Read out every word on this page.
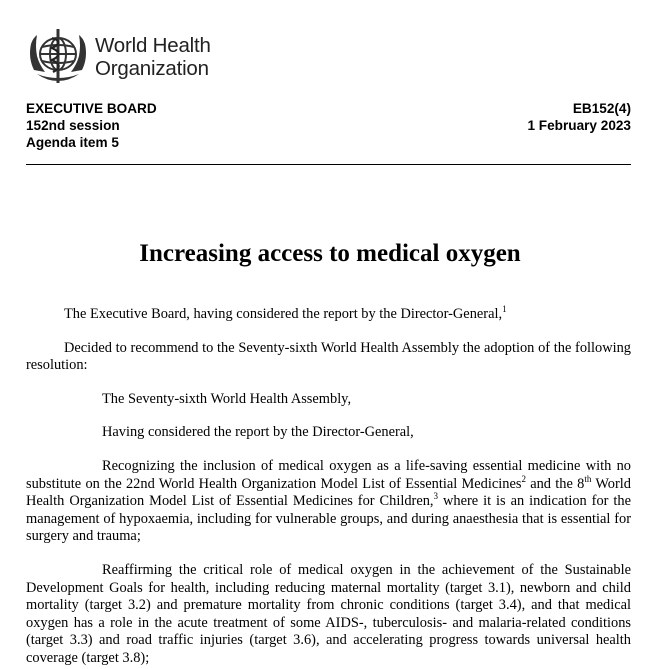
World Health
Organization
EXECUTIVE BOARD
152nd session
Agenda item 5
EB152(4)
1 February 2023
Increasing access to medical oxygen

The Executive Board, having considered the report by the Director-General,$^1$

Decided to recommend to the Seventy-sixth World Health Assembly the adoption of the following resolution:

The Seventy-sixth World Health Assembly,

Having considered the report by the Director-General,

Recognizing the inclusion of medical oxygen as a life-saving essential medicine with no substitute on the 22nd World Health Organization Model List of Essential Medicines$^2$ and the 8th World Health Organization Model List of Essential Medicines for Children,$^3$ where it is an indication for the management of hypoxaemia, including for vulnerable groups, and during anaesthesia that is essential for surgery and trauma;

Reaffirming the critical role of medical oxygen in the achievement of the Sustainable Development Goals for health, including reducing maternal mortality (target 3.1), newborn and child mortality (target 3.2) and premature mortality from chronic conditions (target 3.4), and that medical oxygen has a role in the acute treatment of some AIDS-, tuberculosis- and malaria-related conditions (target 3.3) and road traffic injuries (target 3.6), and accelerating progress towards universal health coverage (target 3.8);
